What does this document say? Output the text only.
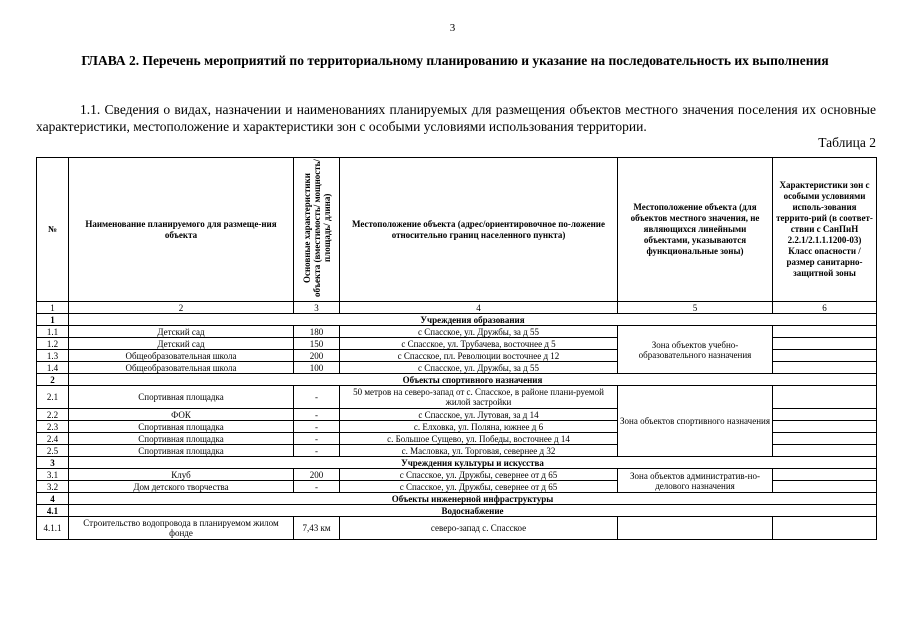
3
ГЛАВА 2. Перечень мероприятий по территориальному планированию и указание на последовательность их выполнения
1.1. Сведения о видах, назначении и наименованиях планируемых для размещения объектов местного значения поселения их основные характеристики, местоположение и характеристики зон с особыми условиями использования территории.
Таблица 2
№	Наименование планируемого для размеще-ния объекта	Основные характеристики объекта (вместимость/ мощность/ площадь/ длина)	Местоположение объекта (адрес/ориентировочное по-ложение относительно границ населенного пункта)	Местоположение объекта (для объектов местного значения, не являющихся линейными объектами, указываются функциональные зоны)	Характеристики зон с особыми условиями исполь-зования террито-рий (в соответ-ствии с СанПиН 2.2.1/2.1.1.1200-03) Класс опасности / размер санитарно-защитной зоны
1	2	3	4	5	6
1	Учреждения образования				
1.1	Детский сад	180	с Спасское, ул. Дружбы, за д 55	Зона объектов учебно-образовательного назначения	
1.2	Детский сад	150	с Спасское, ул. Трубачева, восточнее д 5		
1.3	Общеобразовательная школа	200	с Спасское, пл. Революции восточнее д 12		
1.4	Общеобразовательная школа	100	с Спасское, ул. Дружбы, за д 55		
2	Объекты спортивного назначения				
2.1	Спортивная площадка	-	50 метров на северо-запад от с. Спасское, в районе плани-руемой жилой застройки	Зона объектов спортивного назначения	
2.2	ФОК	-	с Спасское, ул. Лутовая, за д 14		
2.3	Спортивная площадка	-	с. Елховка, ул. Поляна, южнее д 6		
2.4	Спортивная площадка	-	с. Большое Сущево, ул. Победы, восточнее д 14		
2.5	Спортивная площадка	-	с. Масловка, ул. Торговая, севернее д 32		
3	Учреждения культуры и искусства				
3.1	Клуб	200	с Спасское, ул. Дружбы, севернее от д 65	Зона объектов административ-но-делового назначения	
3.2	Дом детского творчества	-	с Спасское, ул. Дружбы, севернее от д 65		
4	Объекты инженерной инфраструктуры				
4.1	Водоснабжение				
4.1.1	Строительство водопровода в планируемом жилом фонде	7,43 км	северо-запад с. Спасское		
